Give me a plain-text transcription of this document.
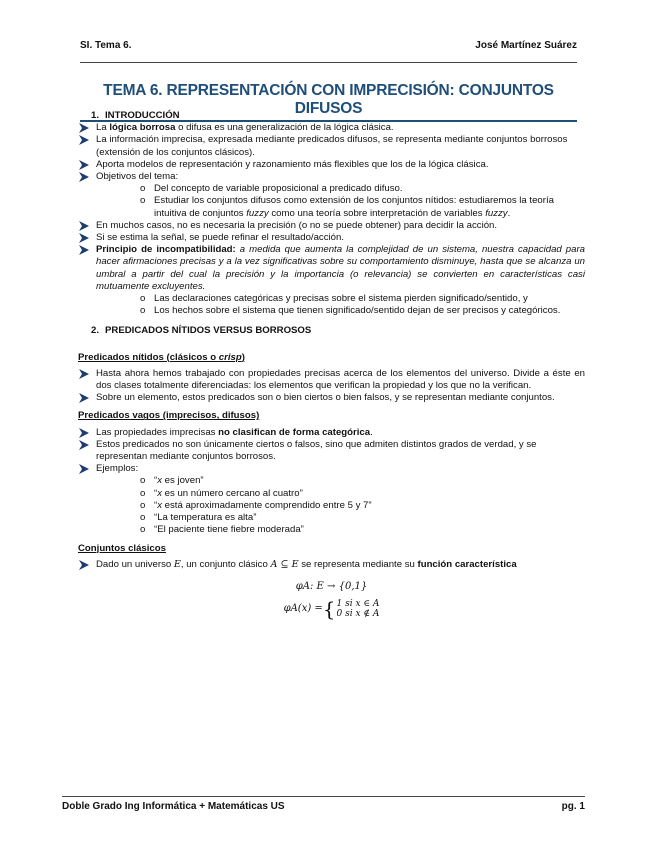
SI. Tema 6.	José Martínez Suárez
TEMA 6. REPRESENTACIÓN CON IMPRECISIÓN: CONJUNTOS DIFUSOS
1. INTRODUCCIÓN
La lógica borrosa o difusa es una generalización de la lógica clásica.
La información imprecisa, expresada mediante predicados difusos, se representa mediante conjuntos borrosos (extensión de los conjuntos clásicos).
Aporta modelos de representación y razonamiento más flexibles que los de la lógica clásica.
Objetivos del tema:
o Del concepto de variable proposicional a predicado difuso.
o Estudiar los conjuntos difusos como extensión de los conjuntos nítidos: estudiaremos la teoría intuitiva de conjuntos fuzzy como una teoría sobre interpretación de variables fuzzy.
En muchos casos, no es necesaria la precisión (o no se puede obtener) para decidir la acción.
Si se estima la señal, se puede refinar el resultado/acción.
Principio de incompatibilidad: a medida que aumenta la complejidad de un sistema, nuestra capacidad para hacer afirmaciones precisas y a la vez significativas sobre su comportamiento disminuye, hasta que se alcanza un umbral a partir del cual la precisión y la importancia (o relevancia) se convierten en características casi mutuamente excluyentes.
o Las declaraciones categóricas y precisas sobre el sistema pierden significado/sentido, y
o Los hechos sobre el sistema que tienen significado/sentido dejan de ser precisos y categóricos.
2. PREDICADOS NÍTIDOS VERSUS BORROSOS
Predicados nítidos (clásicos o crisp)
Hasta ahora hemos trabajado con propiedades precisas acerca de los elementos del universo. Divide a éste en dos clases totalmente diferenciadas: los elementos que verifican la propiedad y los que no la verifican.
Sobre un elemento, estos predicados son o bien ciertos o bien falsos, y se representan mediante conjuntos.
Predicados vagos (imprecisos, difusos)
Las propiedades imprecisas no clasifican de forma categórica.
Estos predicados no son únicamente ciertos o falsos, sino que admiten distintos grados de verdad, y se representan mediante conjuntos borrosos.
Ejemplos:
o “x es joven”
o “x es un número cercano al cuatro”
o “x está aproximadamente comprendido entre 5 y 7”
o “La temperatura es alta”
o “El paciente tiene fiebre moderada”
Conjuntos clásicos
Dado un universo E, un conjunto clásico A ⊆ E se representa mediante su función característica
φA: E → {0,1}
φA(x) = { 1 si x ∈ A
0 si x ∉ A
Doble Grado Ing Informática + Matemáticas US	pg. 1
